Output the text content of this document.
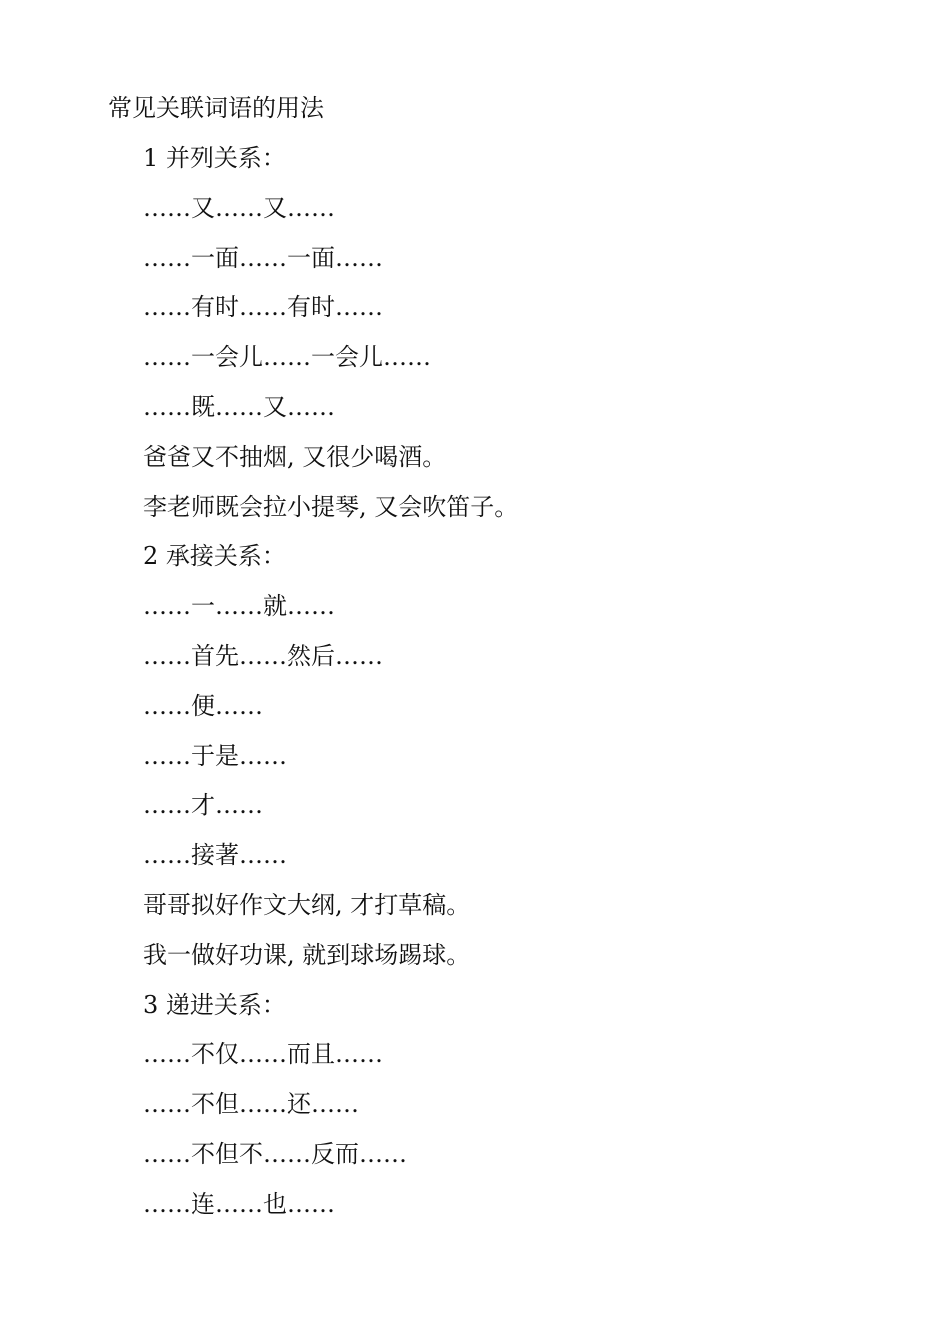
常见关联词语的用法
1 并列关系：
……又……又……
……一面……一面……
……有时……有时……
……一会儿……一会儿……
……既……又……
爸爸又不抽烟, 又很少喝酒。
李老师既会拉小提琴, 又会吹笛子。
2 承接关系：
……一……就……
……首先……然后……
……便……
……于是……
……才……
……接著……
哥哥拟好作文大纲, 才打草稿。
我一做好功课, 就到球场踢球。
3 递进关系：
……不仅……而且……
……不但……还……
……不但不……反而……
……连……也……
